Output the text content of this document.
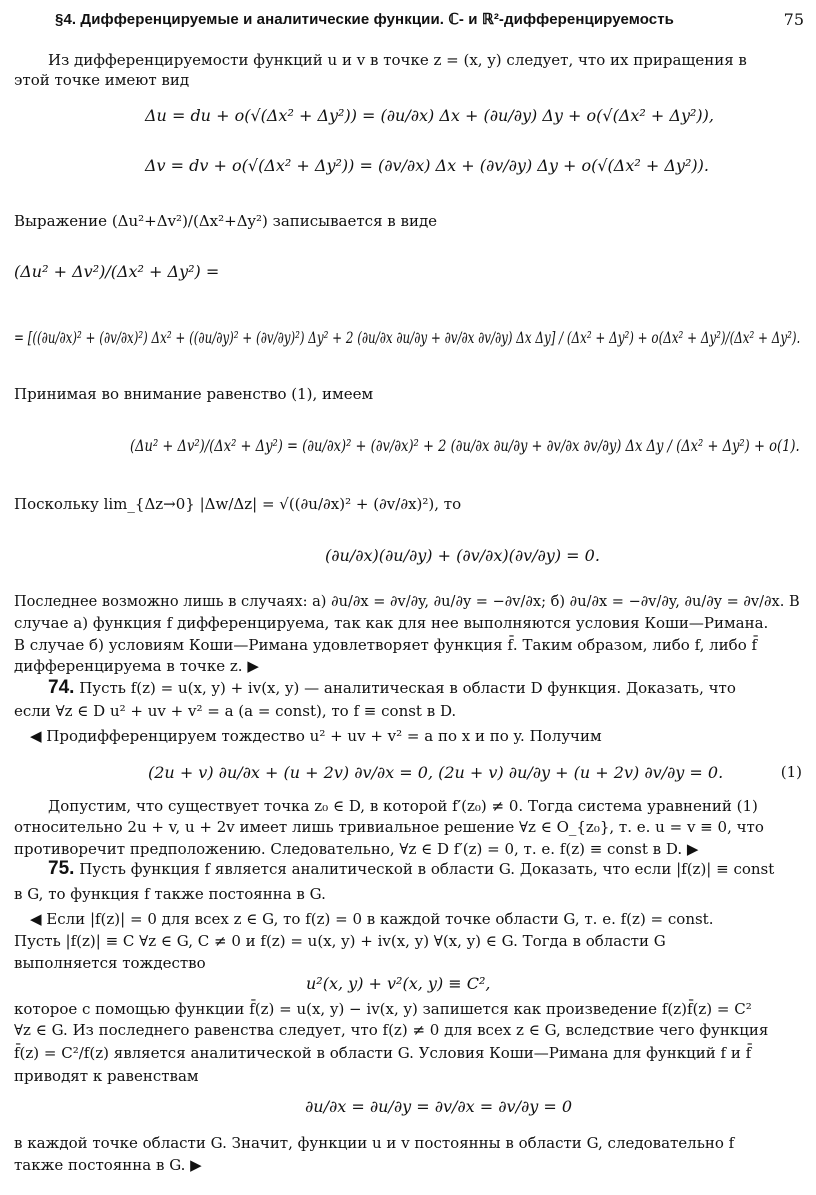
§4. Дифференцируемые и аналитические функции. ℂ- и ℝ²-дифференцируемость	75
Из дифференцируемости функций u и v в точке z = (x, y) следует, что их приращения в
этой точке имеют вид
Выражение (Δu²+Δv²)/(Δx²+Δy²) записывается в виде
Принимая во внимание равенство (1), имеем
Поскольку lim_{Δz→0} |Δw/Δz| = √((∂u/∂x)² + (∂v/∂x)²), то
Последнее возможно лишь в случаях: а) ∂u/∂x = ∂v/∂y, ∂u/∂y = −∂v/∂x; б) ∂u/∂x = −∂v/∂y, ∂u/∂y = ∂v/∂x. В
случае а) функция f дифференцируема, так как для нее выполняются условия Коши—Римана.
В случае б) условиям Коши—Римана удовлетворяет функция f̄. Таким образом, либо f, либо f̄
дифференцируема в точке z. ▶
если ∀z ∈ D u² + uv + v² = a (a = const), то f ≡ const в D.
◀ Продифференцируем тождество u² + uv + v² = a по x и по y. Получим
Допустим, что существует точка z₀ ∈ D, в которой f′(z₀) ≠ 0. Тогда система уравнений (1)
относительно 2u + v, u + 2v имеет лишь тривиальное решение ∀z ∈ O_{z₀}, т. е. u = v ≡ 0, что
противоречит предположению. Следовательно, ∀z ∈ D f′(z) = 0, т. е. f(z) ≡ const в D. ▶
в G, то функция f также постоянна в G.
◀ Если |f(z)| = 0 для всех z ∈ G, то f(z) = 0 в каждой точке области G, т. е. f(z) = const.
Пусть |f(z)| ≡ C ∀z ∈ G, C ≠ 0 и f(z) = u(x, y) + iv(x, y) ∀(x, y) ∈ G. Тогда в области G
выполняется тождество
которое с помощью функции f̄(z) = u(x, y) − iv(x, y) запишется как произведение f(z)f̄(z) = C²
∀z ∈ G. Из последнего равенства следует, что f(z) ≠ 0 для всех z ∈ G, вследствие чего функция
f̄(z) = C²/f(z) является аналитической в области G. Условия Коши—Римана для функций f и f̄
приводят к равенствам
в каждой точке области G. Значит, функции u и v постоянны в области G, следовательно f
также постоянна в G. ▶
74. Пусть f(z) = u(x, y) + iv(x, y) — аналитическая в области D функция. Доказать, что
75. Пусть функция f является аналитической в области G. Доказать, что если |f(z)| ≡ const
Δu = du + o(√(Δx² + Δy²)) = (∂u/∂x) Δx + (∂u/∂y) Δy + o(√(Δx² + Δy²)),
Δv = dv + o(√(Δx² + Δy²)) = (∂v/∂x) Δx + (∂v/∂y) Δy + o(√(Δx² + Δy²)).
(Δu² + Δv²)/(Δx² + Δy²) =
= [((∂u/∂x)² + (∂v/∂x)²) Δx² + ((∂u/∂y)² + (∂v/∂y)²) Δy² + 2 (∂u/∂x ∂u/∂y + ∂v/∂x ∂v/∂y) Δx Δy] / (Δx² + Δy²) + o(Δx² + Δy²)/(Δx² + Δy²).
(Δu² + Δv²)/(Δx² + Δy²) = (∂u/∂x)² + (∂v/∂x)² + 2 (∂u/∂x ∂u/∂y + ∂v/∂x ∂v/∂y) Δx Δy / (Δx² + Δy²) + o(1).
(∂u/∂x)(∂u/∂y) + (∂v/∂x)(∂v/∂y) = 0.
(2u + v) ∂u/∂x + (u + 2v) ∂v/∂x = 0, (2u + v) ∂u/∂y + (u + 2v) ∂v/∂y = 0.	(1)
u²(x, y) + v²(x, y) ≡ C²,
∂u/∂x = ∂u/∂y = ∂v/∂x = ∂v/∂y = 0
